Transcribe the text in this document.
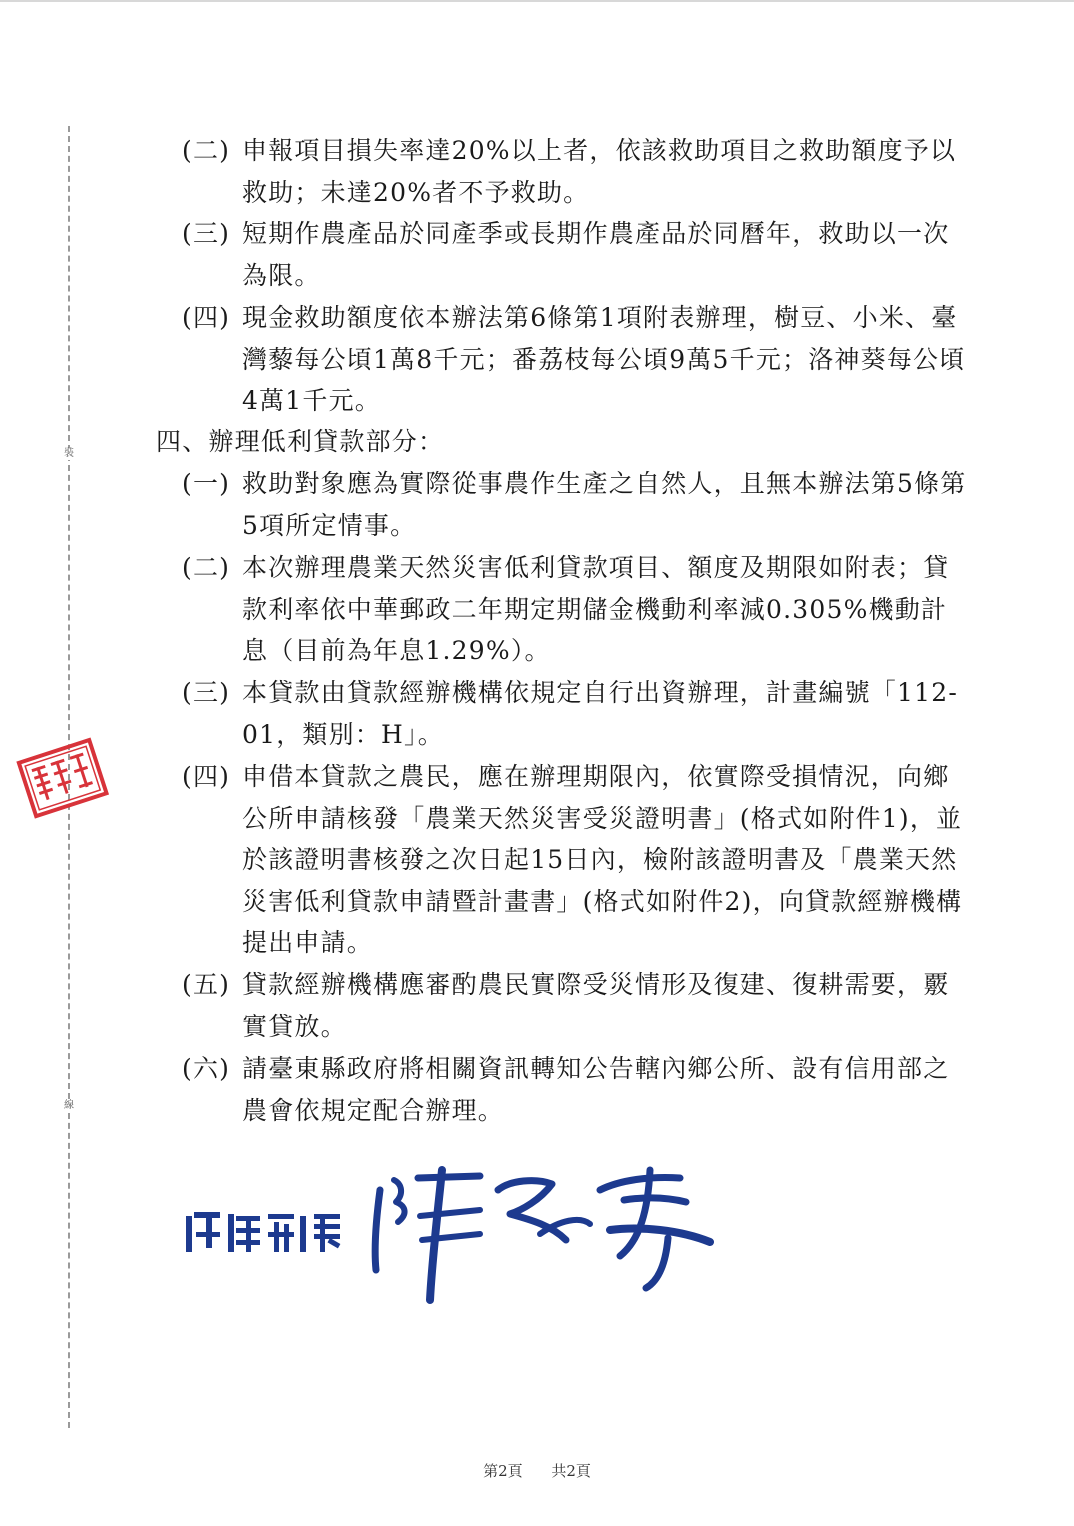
裝
線
(二) 申報項目損失率達20%以上者，依該救助項目之救助額度予以救助；未達20%者不予救助。
(三) 短期作農產品於同產季或長期作農產品於同曆年，救助以一次為限。
(四) 現金救助額度依本辦法第6條第1項附表辦理，樹豆、小米、臺灣藜每公頃1萬8千元；番荔枝每公頃9萬5千元；洛神葵每公頃4萬1千元。
四、辦理低利貸款部分：
(一) 救助對象應為實際從事農作生產之自然人，且無本辦法第5條第5項所定情事。
(二) 本次辦理農業天然災害低利貸款項目、額度及期限如附表；貸款利率依中華郵政二年期定期儲金機動利率減0.305%機動計息（目前為年息1.29%）。
(三) 本貸款由貸款經辦機構依規定自行出資辦理，計畫編號「112-01，類別：H」。
(四) 申借本貸款之農民，應在辦理期限內，依實際受損情況，向鄉公所申請核發「農業天然災害受災證明書」(格式如附件1)，並於該證明書核發之次日起15日內，檢附該證明書及「農業天然災害低利貸款申請暨計畫書」(格式如附件2)，向貸款經辦機構提出申請。
(五) 貸款經辦機構應審酌農民實際受災情形及復建、復耕需要，覈實貸放。
(六) 請臺東縣政府將相關資訊轉知公告轄內鄉公所、設有信用部之農會依規定配合辦理。
第2頁 共2頁
